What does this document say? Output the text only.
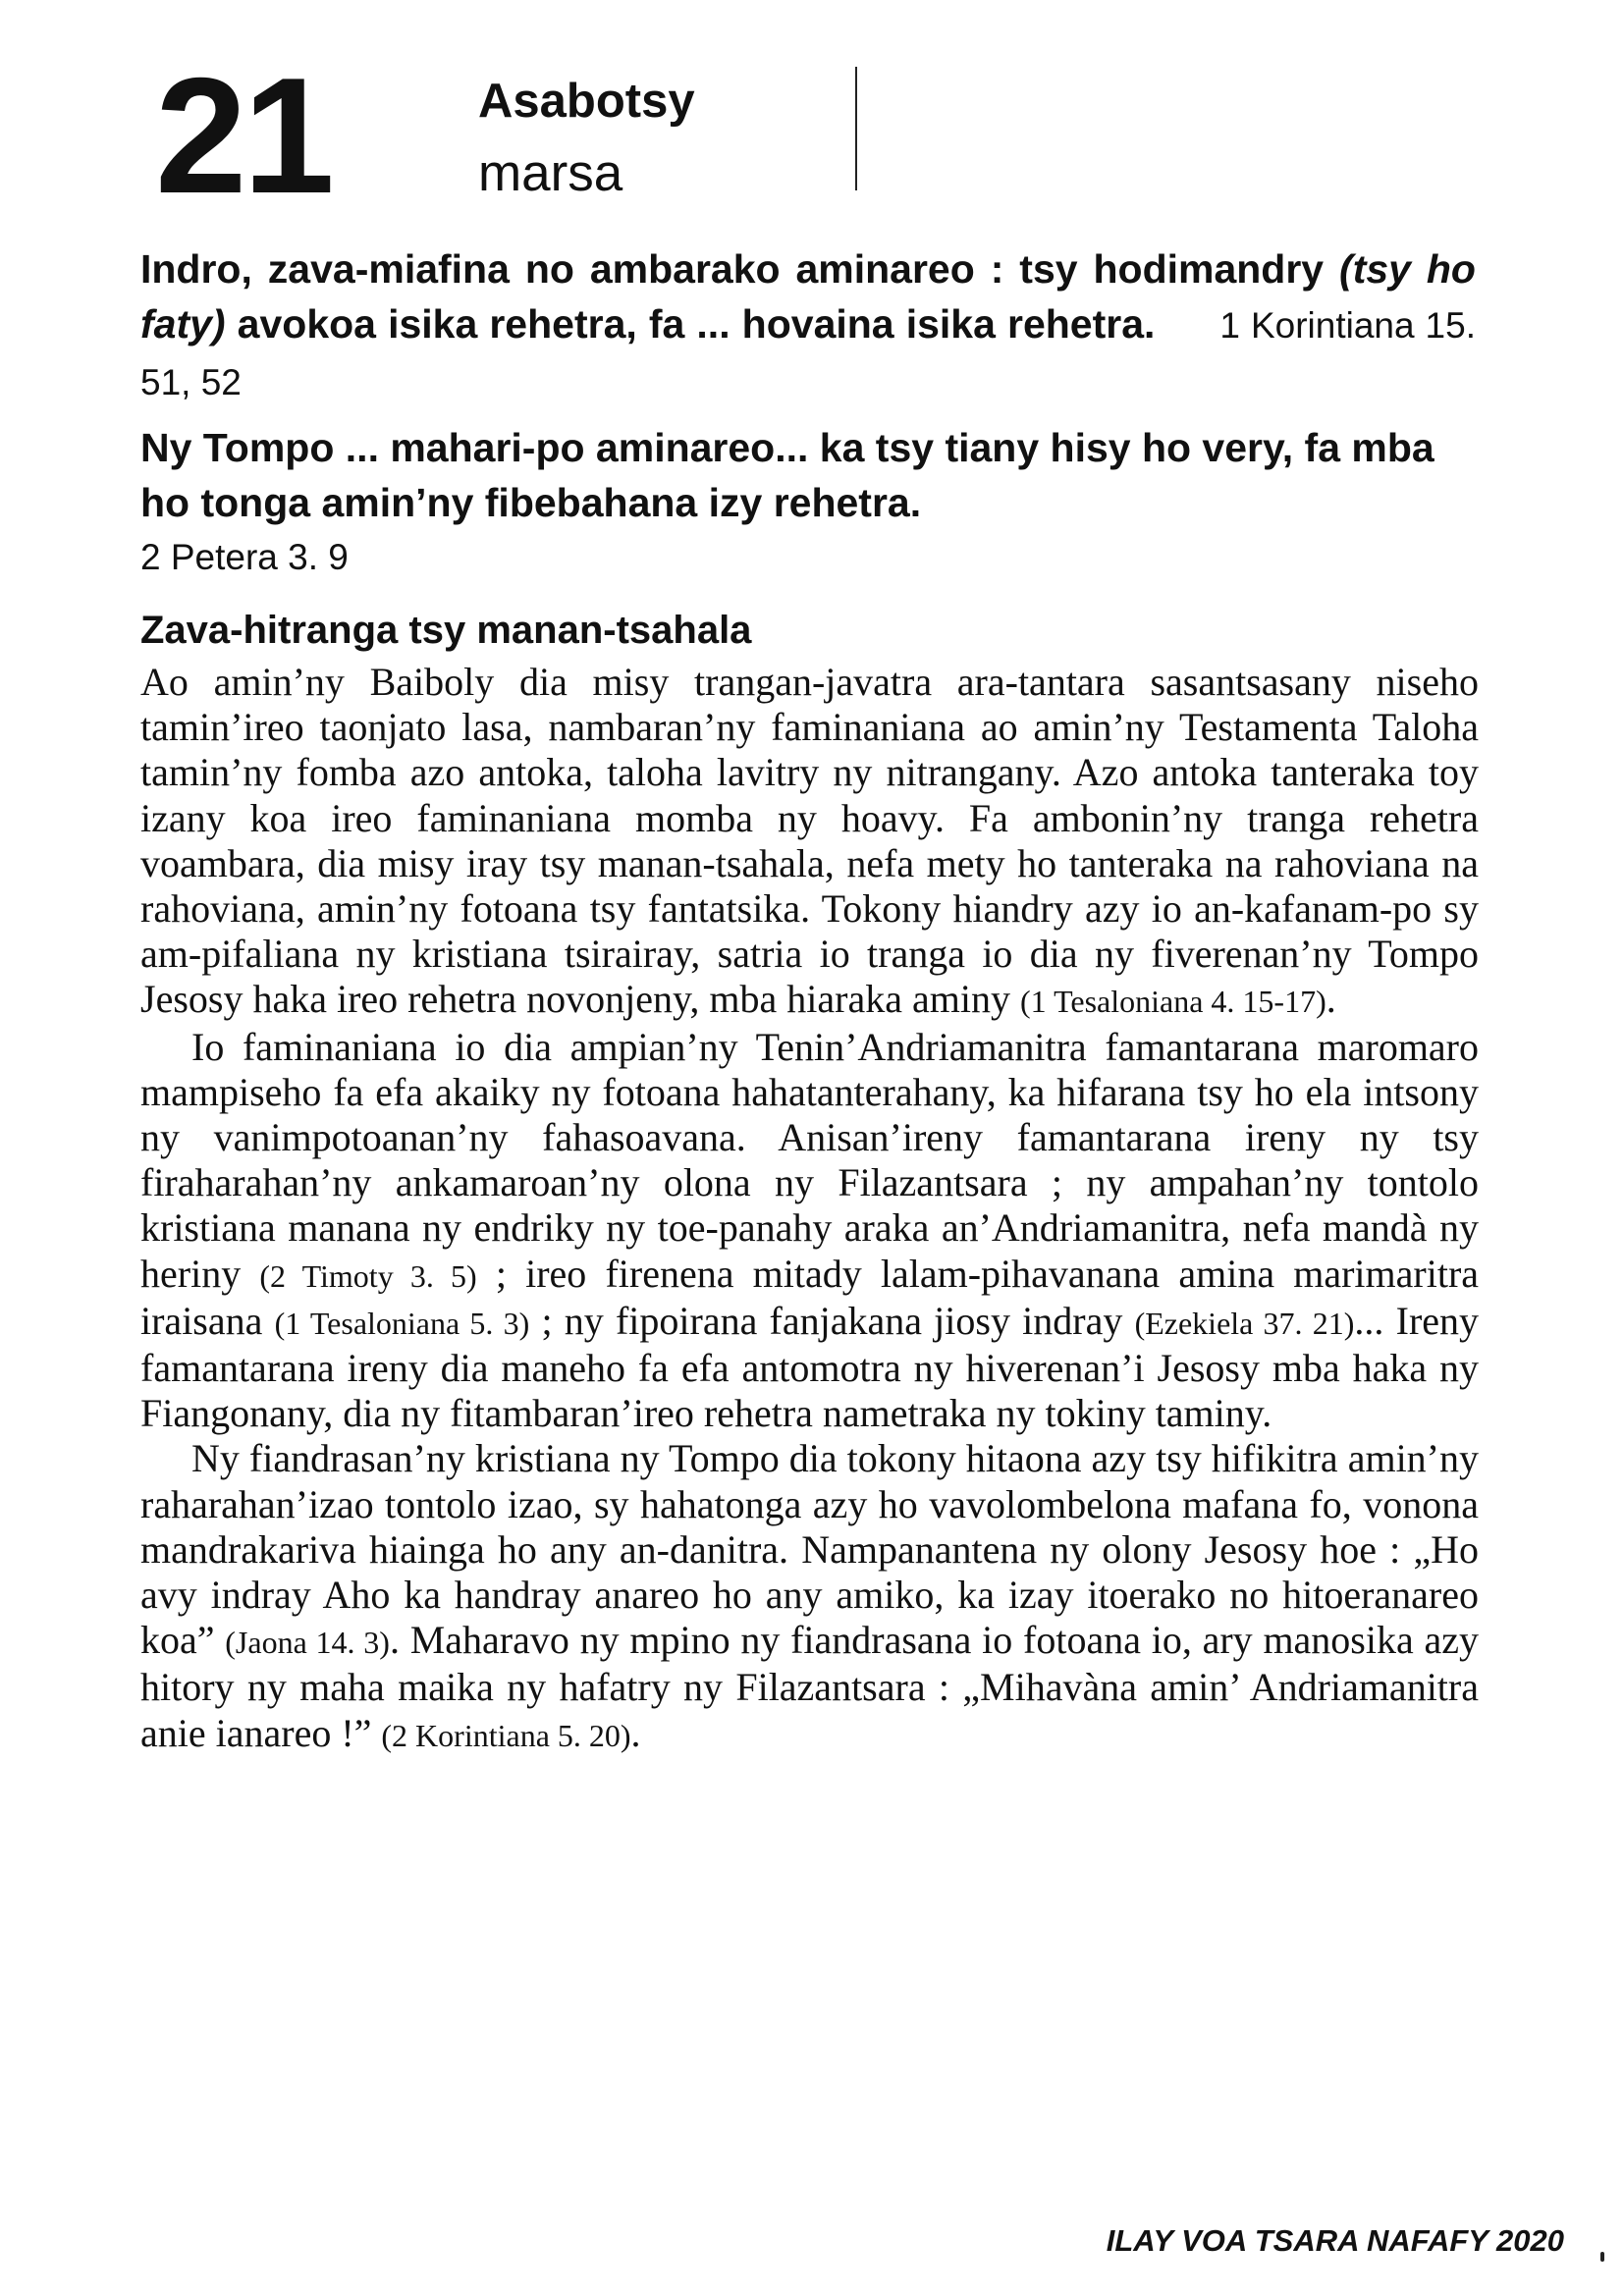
21	Asabotsy
marsa
Indro, zava-miafina no ambarako aminareo : tsy hodimandry (tsy ho faty) avokoa isika rehetra, fa ... hovaina isika rehetra. 1 Korintiana 15. 51, 52
Ny Tompo ... mahari-po aminareo... ka tsy tiany hisy ho very, fa mba ho tonga amin’ny fibebahana izy rehetra.
2 Petera 3. 9
Zava-hitranga tsy manan-tsahala

Ao amin’ny Baiboly dia misy trangan-javatra ara-tantara sasantsasany niseho tamin’ireo taonjato lasa, nambaran’ny faminaniana ao amin’ny Testamenta Taloha tamin’ny fomba azo antoka, taloha lavitry ny nitrangany. Azo antoka tanteraka toy izany koa ireo faminaniana momba ny hoavy. Fa ambonin’ny tranga rehetra voambara, dia misy iray tsy manan-tsahala, nefa mety ho tanteraka na rahoviana na rahoviana, amin’ny fotoana tsy fantatsika. Tokony hiandry azy io an-kafanam-po sy am-pifaliana ny kristiana tsirairay, satria io tranga io dia ny fiverenan’ny Tompo Jesosy haka ireo rehetra novonjeny, mba hiaraka aminy (1 Tesaloniana 4. 15-17).

Io faminaniana io dia ampian’ny Tenin’Andriamanitra famantarana maromaro mampiseho fa efa akaiky ny fotoana hahatanterahany, ka hifarana tsy ho ela intsony ny vanimpotoanan’ny fahasoavana. Anisan’ireny famantarana ireny ny tsy firaharahan’ny ankamaroan’ny olona ny Filazantsara ; ny ampahan’ny tontolo kristiana manana ny endriky ny toe-panahy araka an’Andriamanitra, nefa mandà ny heriny (2 Timoty 3. 5) ; ireo firenena mitady lalam-pihavanana amina marimaritra iraisana (1 Tesaloniana 5. 3) ; ny fipoirana fanjakana jiosy indray (Ezekiela 37. 21)... Ireny famantarana ireny dia maneho fa efa antomotra ny hiverenan’i Jesosy mba haka ny Fiangonany, dia ny fitambaran’ireo rehetra nametraka ny tokiny taminy.

Ny fiandrasan’ny kristiana ny Tompo dia tokony hitaona azy tsy hifikitra amin’ny raharahan’izao tontolo izao, sy hahatonga azy ho vavolombelona mafana fo, vonona mandrakariva hiainga ho any an-danitra. Nampanantena ny olony Jesosy hoe : „Ho avy indray Aho ka handray anareo ho any amiko, ka izay itoerako no hitoeranareo koa” (Jaona 14. 3). Maharavo ny mpino ny fiandrasana io fotoana io, ary manosika azy hitory ny maha maika ny hafatry ny Filazantsara : „Mihavàna amin’ Andriamanitra anie ianareo !” (2 Korintiana 5. 20).

ILAY VOA TSARA NAFAFY 2020
